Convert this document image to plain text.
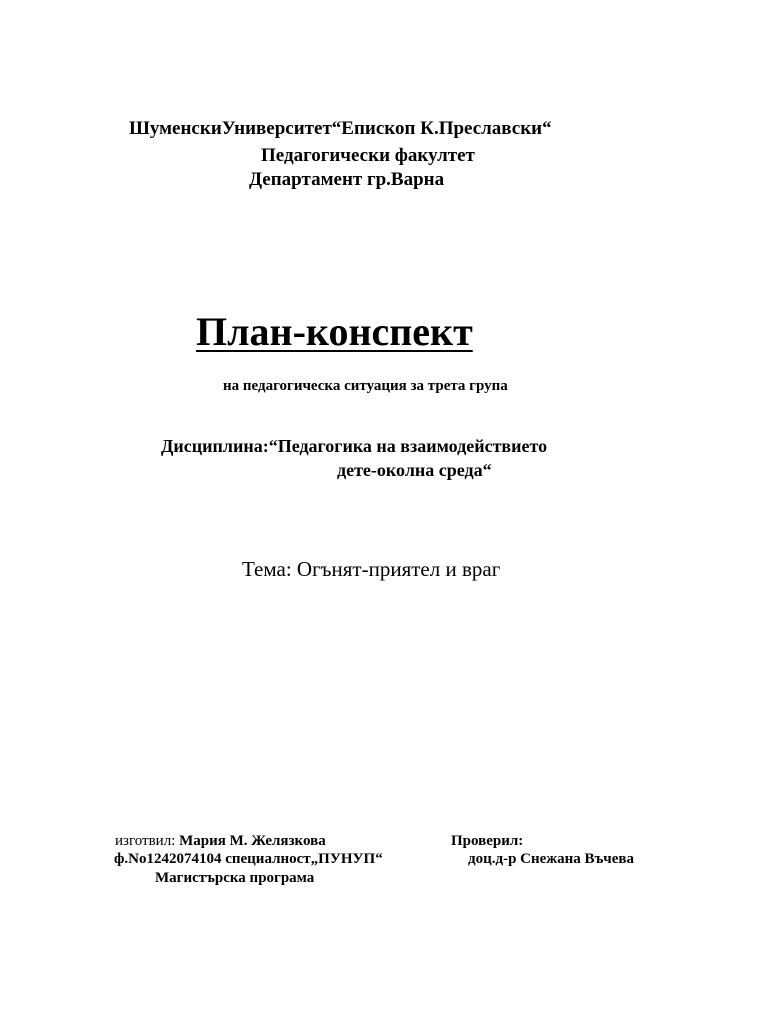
ШуменскиУниверситет“Епископ К.Преславски“
Педагогически факултет
Департамент гр.Варна
План-конспект
на педагогическа ситуация за трета група
Дисциплина:“Педагогика на взаимодействието
дете-околна среда“
Тема: Огънят-приятел и враг
изготвил: Мария М. Желязкова
ф.No1242074104 специалност„ПУНУП“
Магистърска програма
Проверил:
доц.д-р Снежана Въчева
